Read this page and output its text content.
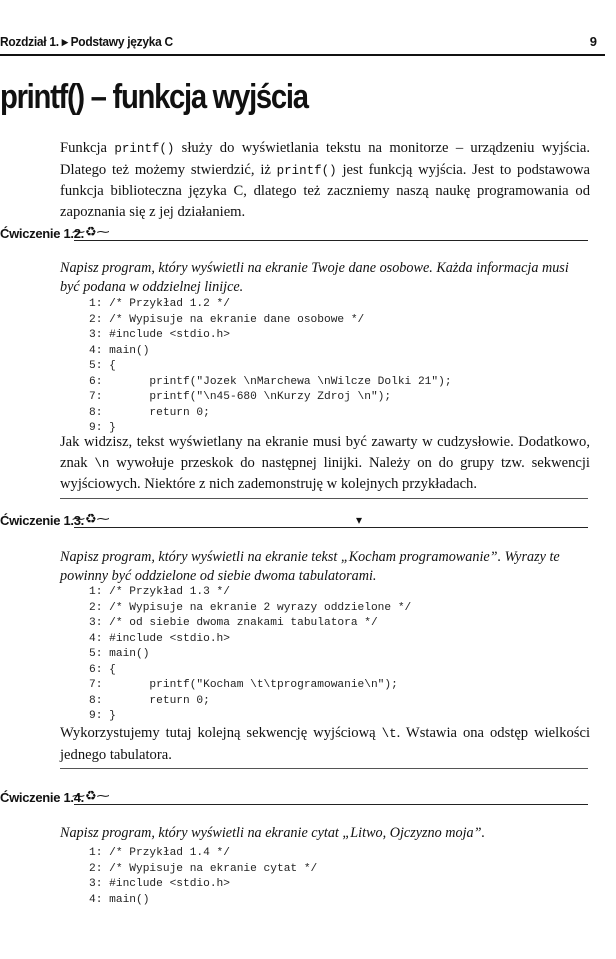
Rozdział 1. ▸ Podstawy języka C	9
printf() – funkcja wyjścia
Funkcja printf() służy do wyświetlania tekstu na monitorze – urządzeniu wyjścia. Dlatego też możemy stwierdzić, iż printf() jest funkcją wyjścia. Jest to podstawowa funkcja biblioteczna języka C, dlatego też zaczniemy naszą naukę programowania od zapoznania się z jej działaniem.
Ćwiczenie 1.2.
⁓♻⁓
Napisz program, który wyświetli na ekranie Twoje dane osobowe. Każda informacja musi być podana w oddzielnej linijce.
1: /* Przykład 1.2 */
2: /* Wypisuje na ekranie dane osobowe */
3: #include <stdio.h>
4: main()
5: {
6:       printf("Jozek \nMarchewa \nWilcze Dolki 21");
7:       printf("\n45-680 \nKurzy Zdroj \n");
8:       return 0;
9: }
Jak widzisz, tekst wyświetlany na ekranie musi być zawarty w cudzysłowie. Dodatkowo, znak \n wywołuje przeskok do następnej linijki. Należy on do grupy tzw. sekwencji wyjściowych. Niektóre z nich zademonstruję w kolejnych przykładach.
Ćwiczenie 1.3.
⁓♻⁓	▾
Napisz program, który wyświetli na ekranie tekst „Kocham programowanie”. Wyrazy te powinny być oddzielone od siebie dwoma tabulatorami.
1: /* Przykład 1.3 */
2: /* Wypisuje na ekranie 2 wyrazy oddzielone */
3: /* od siebie dwoma znakami tabulatora */
4: #include <stdio.h>
5: main()
6: {
7:       printf("Kocham \t\tprogramowanie\n");
8:       return 0;
9: }
Wykorzystujemy tutaj kolejną sekwencję wyjściową \t. Wstawia ona odstęp wielkości jednego tabulatora.
Ćwiczenie 1.4.
⁓♻⁓
Napisz program, który wyświetli na ekranie cytat „Litwo, Ojczyzno moja”.
1: /* Przykład 1.4 */
2: /* Wypisuje na ekranie cytat */
3: #include <stdio.h>
4: main()
